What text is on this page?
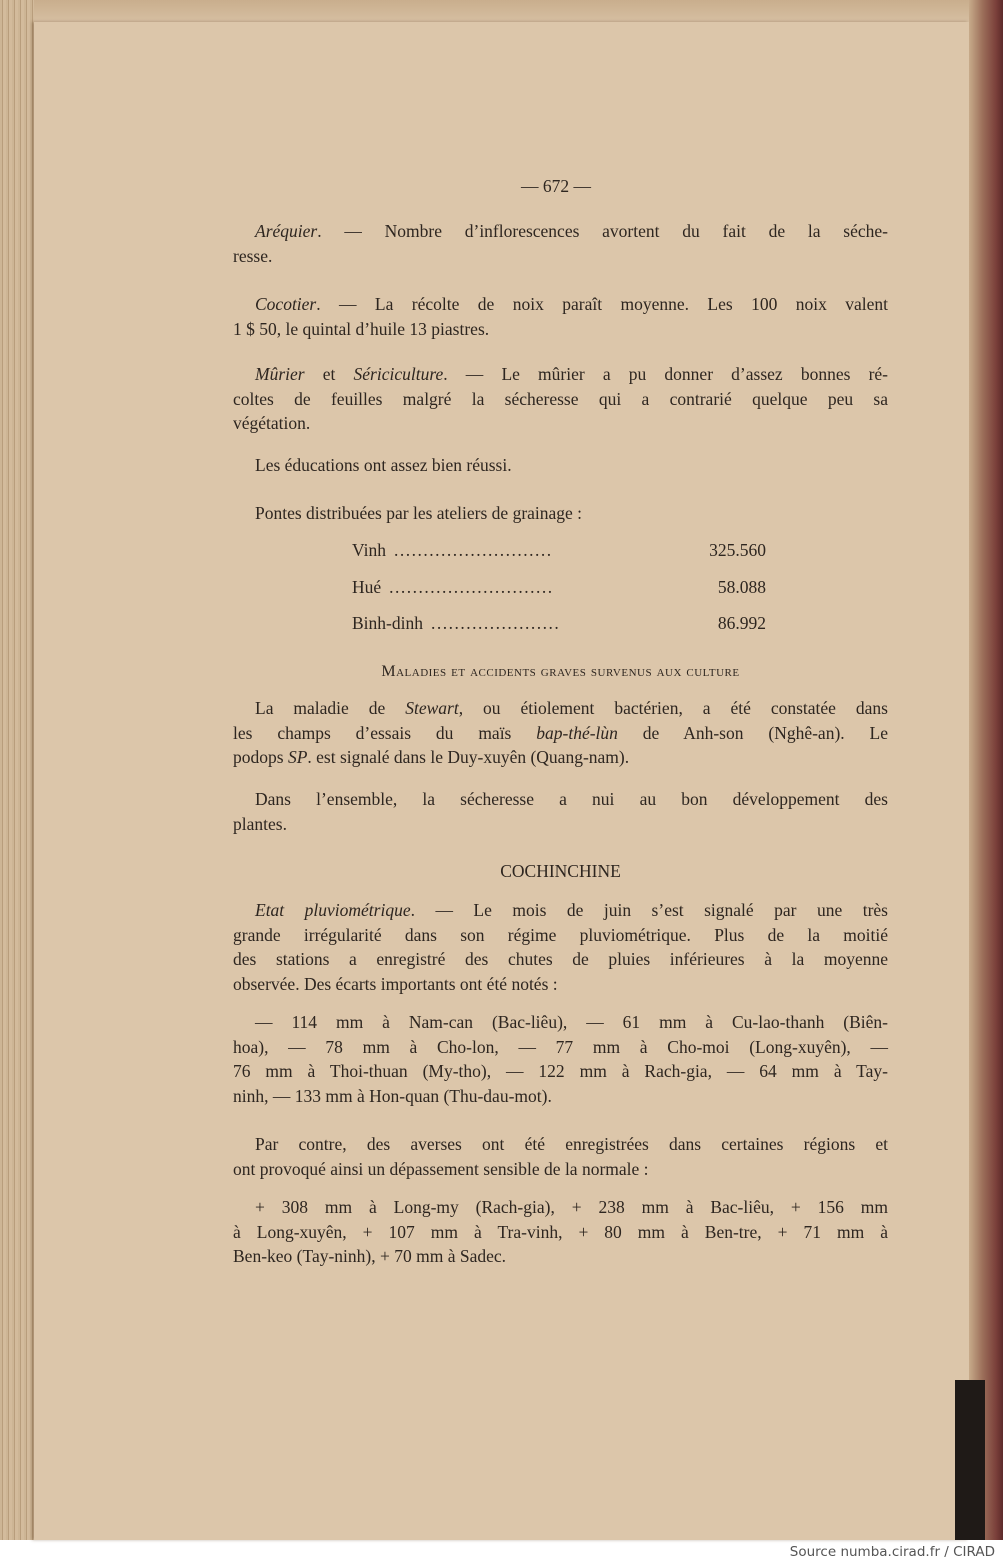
— 672 —
Maladies et accidents graves survenus aux culture
COCHINCHINE
Aréquier. — Nombre d’inflorescences avortent du fait de la séche-
resse.
Cocotier. — La récolte de noix paraît moyenne. Les 100 noix valent
1 $ 50, le quintal d’huile 13 piastres.
Mûrier et Sériciculture. — Le mûrier a pu donner d’assez bonnes ré-
coltes de feuilles malgré la sécheresse qui a contrarié quelque peu sa
végétation.
Les éducations ont assez bien réussi.
Pontes distribuées par les ateliers de grainage :
La maladie de Stewart, ou étiolement bactérien, a été constatée dans
les champs d’essais du maïs bap-thé-lùn de Anh-son (Nghê-an). Le
podops SP. est signalé dans le Duy-xuyên (Quang-nam).
Dans l’ensemble, la sécheresse a nui au bon développement des
plantes.
Etat pluviométrique. — Le mois de juin s’est signalé par une très
grande irrégularité dans son régime pluviométrique. Plus de la moitié
des stations a enregistré des chutes de pluies inférieures à la moyenne
observée. Des écarts importants ont été notés :
— 114 mm à Nam-can (Bac-liêu), — 61 mm à Cu-lao-thanh (Biên-
hoa), — 78 mm à Cho-lon, — 77 mm à Cho-moi (Long-xuyên), —
76 mm à Thoi-thuan (My-tho), — 122 mm à Rach-gia, — 64 mm à Tay-
ninh, — 133 mm à Hon-quan (Thu-dau-mot).
Par contre, des averses ont été enregistrées dans certaines régions et
ont provoqué ainsi un dépassement sensible de la normale :
+ 308 mm à Long-my (Rach-gia), + 238 mm à Bac-liêu, + 156 mm
à Long-xuyên, + 107 mm à Tra-vinh, + 80 mm à Ben-tre, + 71 mm à
Ben-keo (Tay-ninh), + 70 mm à Sadec.
Vinh ...........................	325.560
Hué ............................	58.088
Binh-dinh ......................	86.992
Source numba.cirad.fr / CIRAD
